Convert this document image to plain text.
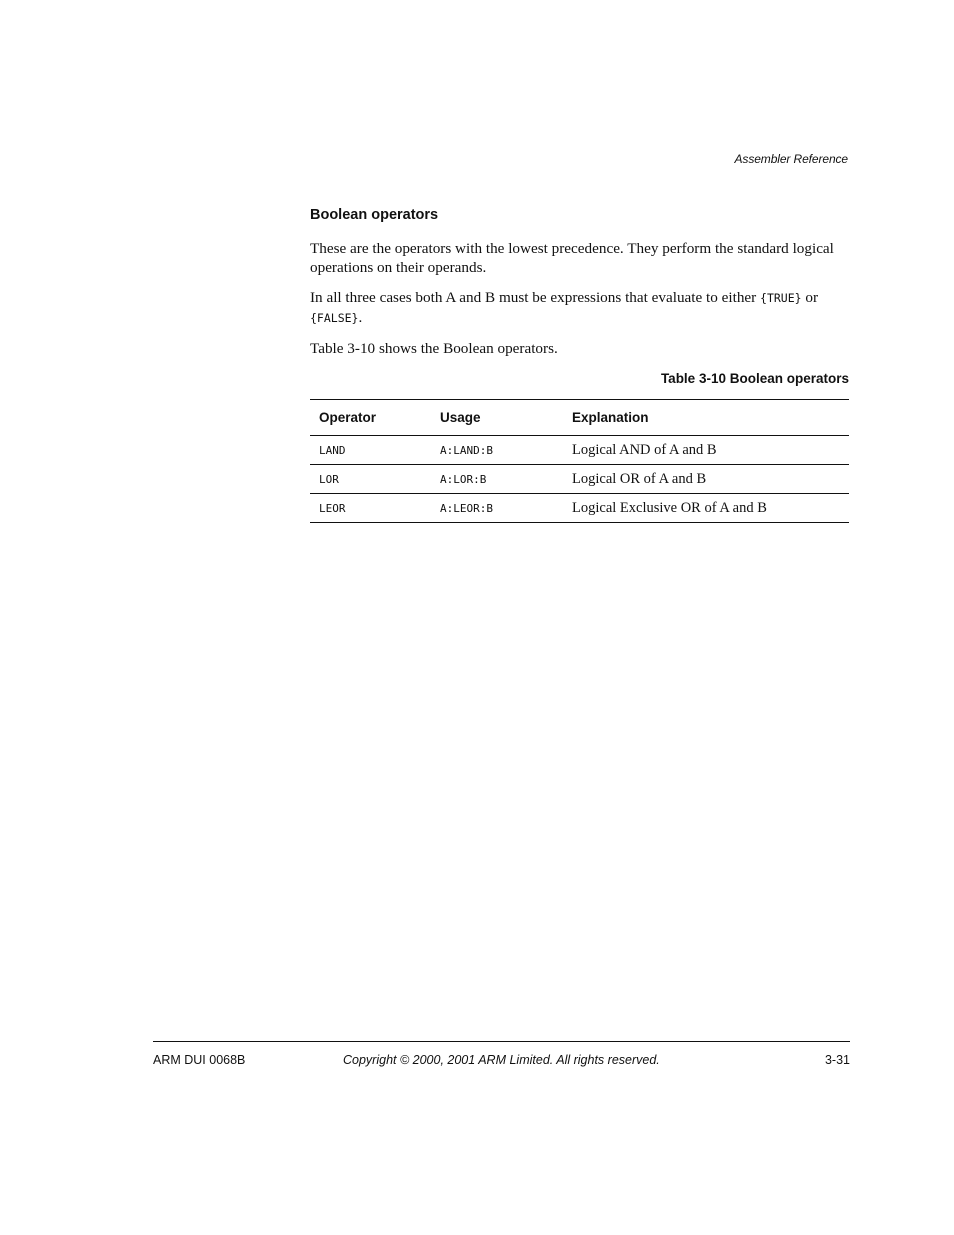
Assembler Reference
Boolean operators

These are the operators with the lowest precedence. They perform the standard logical operations on their operands.

In all three cases both A and B must be expressions that evaluate to either {TRUE} or
{FALSE}.

Table 3-10 shows the Boolean operators.

Table 3-10 Boolean operators
Operator	Usage	Explanation
LAND	A:LAND:B	Logical AND of A and B
LOR	A:LOR:B	Logical OR of A and B
LEOR	A:LEOR:B	Logical Exclusive OR of A and B
ARM DUI 0068B	Copyright © 2000, 2001 ARM Limited. All rights reserved.	3-31
